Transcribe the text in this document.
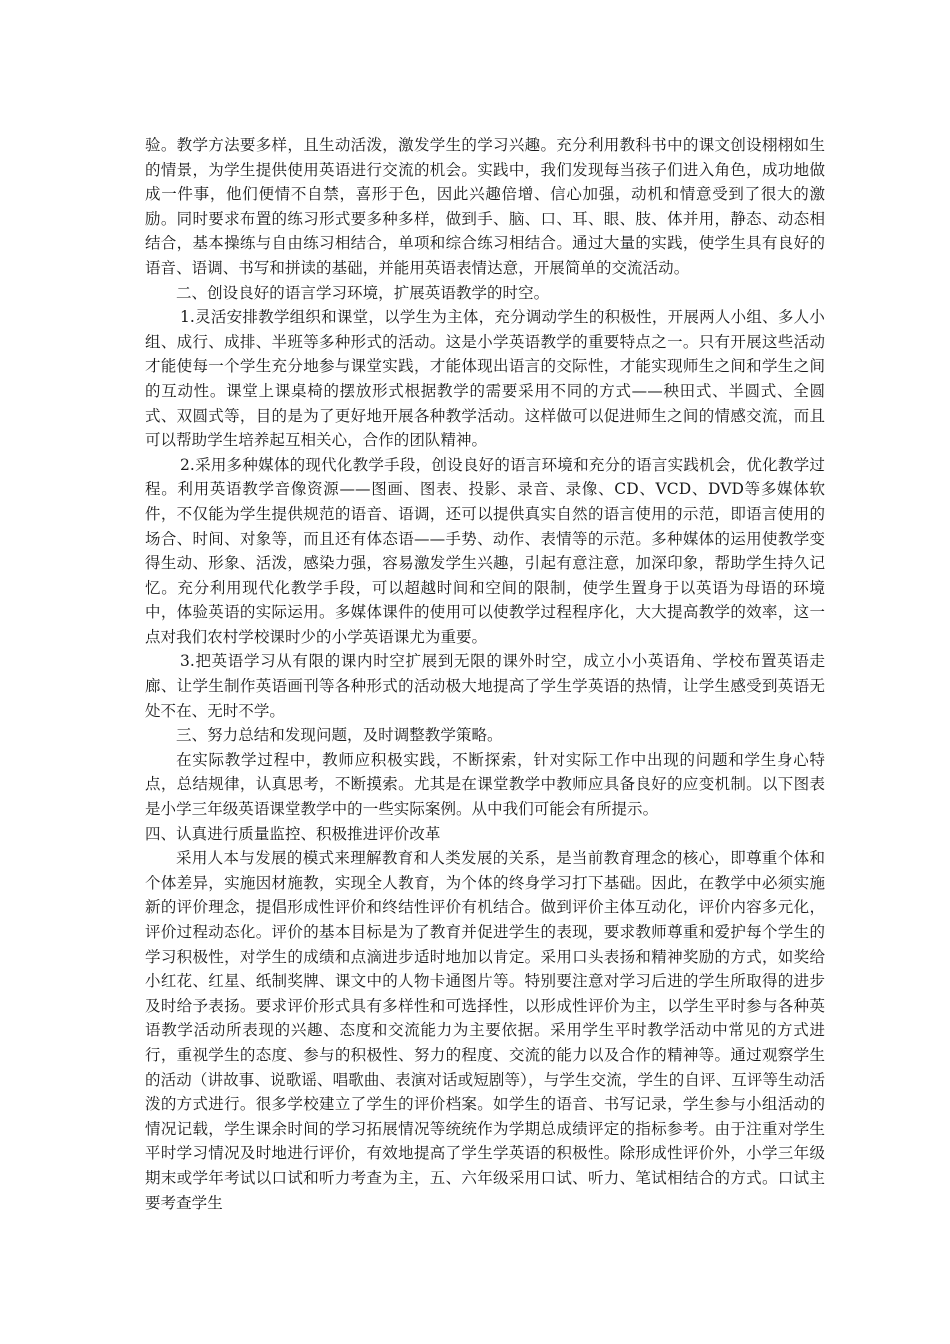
验。教学方法要多样，且生动活泼，激发学生的学习兴趣。充分利用教科书中的课文创设栩栩如生的情景，为学生提供使用英语进行交流的机会。实践中，我们发现每当孩子们进入角色，成功地做成一件事，他们便情不自禁，喜形于色，因此兴趣倍增、信心加强，动机和情意受到了很大的激励。同时要求布置的练习形式要多种多样，做到手、脑、口、耳、眼、肢、体并用，静态、动态相结合，基本操练与自由练习相结合，单项和综合练习相结合。通过大量的实践，使学生具有良好的语音、语调、书写和拼读的基础，并能用英语表情达意，开展简单的交流活动。

二、创设良好的语言学习环境，扩展英语教学的时空。

1.灵活安排教学组织和课堂，以学生为主体，充分调动学生的积极性，开展两人小组、多人小组、成行、成排、半班等多种形式的活动。这是小学英语教学的重要特点之一。只有开展这些活动才能使每一个学生充分地参与课堂实践，才能体现出语言的交际性，才能实现师生之间和学生之间的互动性。课堂上课桌椅的摆放形式根据教学的需要采用不同的方式——秧田式、半圆式、全圆式、双圆式等，目的是为了更好地开展各种教学活动。这样做可以促进师生之间的情感交流，而且可以帮助学生培养起互相关心，合作的团队精神。

2.采用多种媒体的现代化教学手段，创设良好的语言环境和充分的语言实践机会，优化教学过程。利用英语教学音像资源——图画、图表、投影、录音、录像、CD、VCD、DVD等多媒体软件，不仅能为学生提供规范的语音、语调，还可以提供真实自然的语言使用的示范，即语言使用的场合、时间、对象等，而且还有体态语——手势、动作、表情等的示范。多种媒体的运用使教学变得生动、形象、活泼，感染力强，容易激发学生兴趣，引起有意注意，加深印象，帮助学生持久记忆。充分利用现代化教学手段，可以超越时间和空间的限制，使学生置身于以英语为母语的环境中，体验英语的实际运用。多媒体课件的使用可以使教学过程程序化，大大提高教学的效率，这一点对我们农村学校课时少的小学英语课尤为重要。

3.把英语学习从有限的课内时空扩展到无限的课外时空，成立小小英语角、学校布置英语走廊、让学生制作英语画刊等各种形式的活动极大地提高了学生学英语的热情，让学生感受到英语无处不在、无时不学。

三、努力总结和发现问题，及时调整教学策略。

在实际教学过程中，教师应积极实践，不断探索，针对实际工作中出现的问题和学生身心特点，总结规律，认真思考，不断摸索。尤其是在课堂教学中教师应具备良好的应变机制。以下图表是小学三年级英语课堂教学中的一些实际案例。从中我们可能会有所提示。

四、认真进行质量监控、积极推进评价改革

采用人本与发展的模式来理解教育和人类发展的关系，是当前教育理念的核心，即尊重个体和个体差异，实施因材施教，实现全人教育，为个体的终身学习打下基础。因此，在教学中必须实施新的评价理念，提倡形成性评价和终结性评价有机结合。做到评价主体互动化，评价内容多元化，评价过程动态化。评价的基本目标是为了教育并促进学生的表现，要求教师尊重和爱护每个学生的学习积极性，对学生的成绩和点滴进步适时地加以肯定。采用口头表扬和精神奖励的方式，如奖给小红花、红星、纸制奖牌、课文中的人物卡通图片等。特别要注意对学习后进的学生所取得的进步及时给予表扬。要求评价形式具有多样性和可选择性，以形成性评价为主，以学生平时参与各种英语教学活动所表现的兴趣、态度和交流能力为主要依据。采用学生平时教学活动中常见的方式进行，重视学生的态度、参与的积极性、努力的程度、交流的能力以及合作的精神等。通过观察学生的活动（讲故事、说歌谣、唱歌曲、表演对话或短剧等），与学生交流，学生的自评、互评等生动活泼的方式进行。很多学校建立了学生的评价档案。如学生的语音、书写记录，学生参与小组活动的情况记载，学生课余时间的学习拓展情况等统统作为学期总成绩评定的指标参考。由于注重对学生平时学习情况及时地进行评价，有效地提高了学生学英语的积极性。除形成性评价外，小学三年级期末或学年考试以口试和听力考查为主，五、六年级采用口试、听力、笔试相结合的方式。口试主要考查学生
